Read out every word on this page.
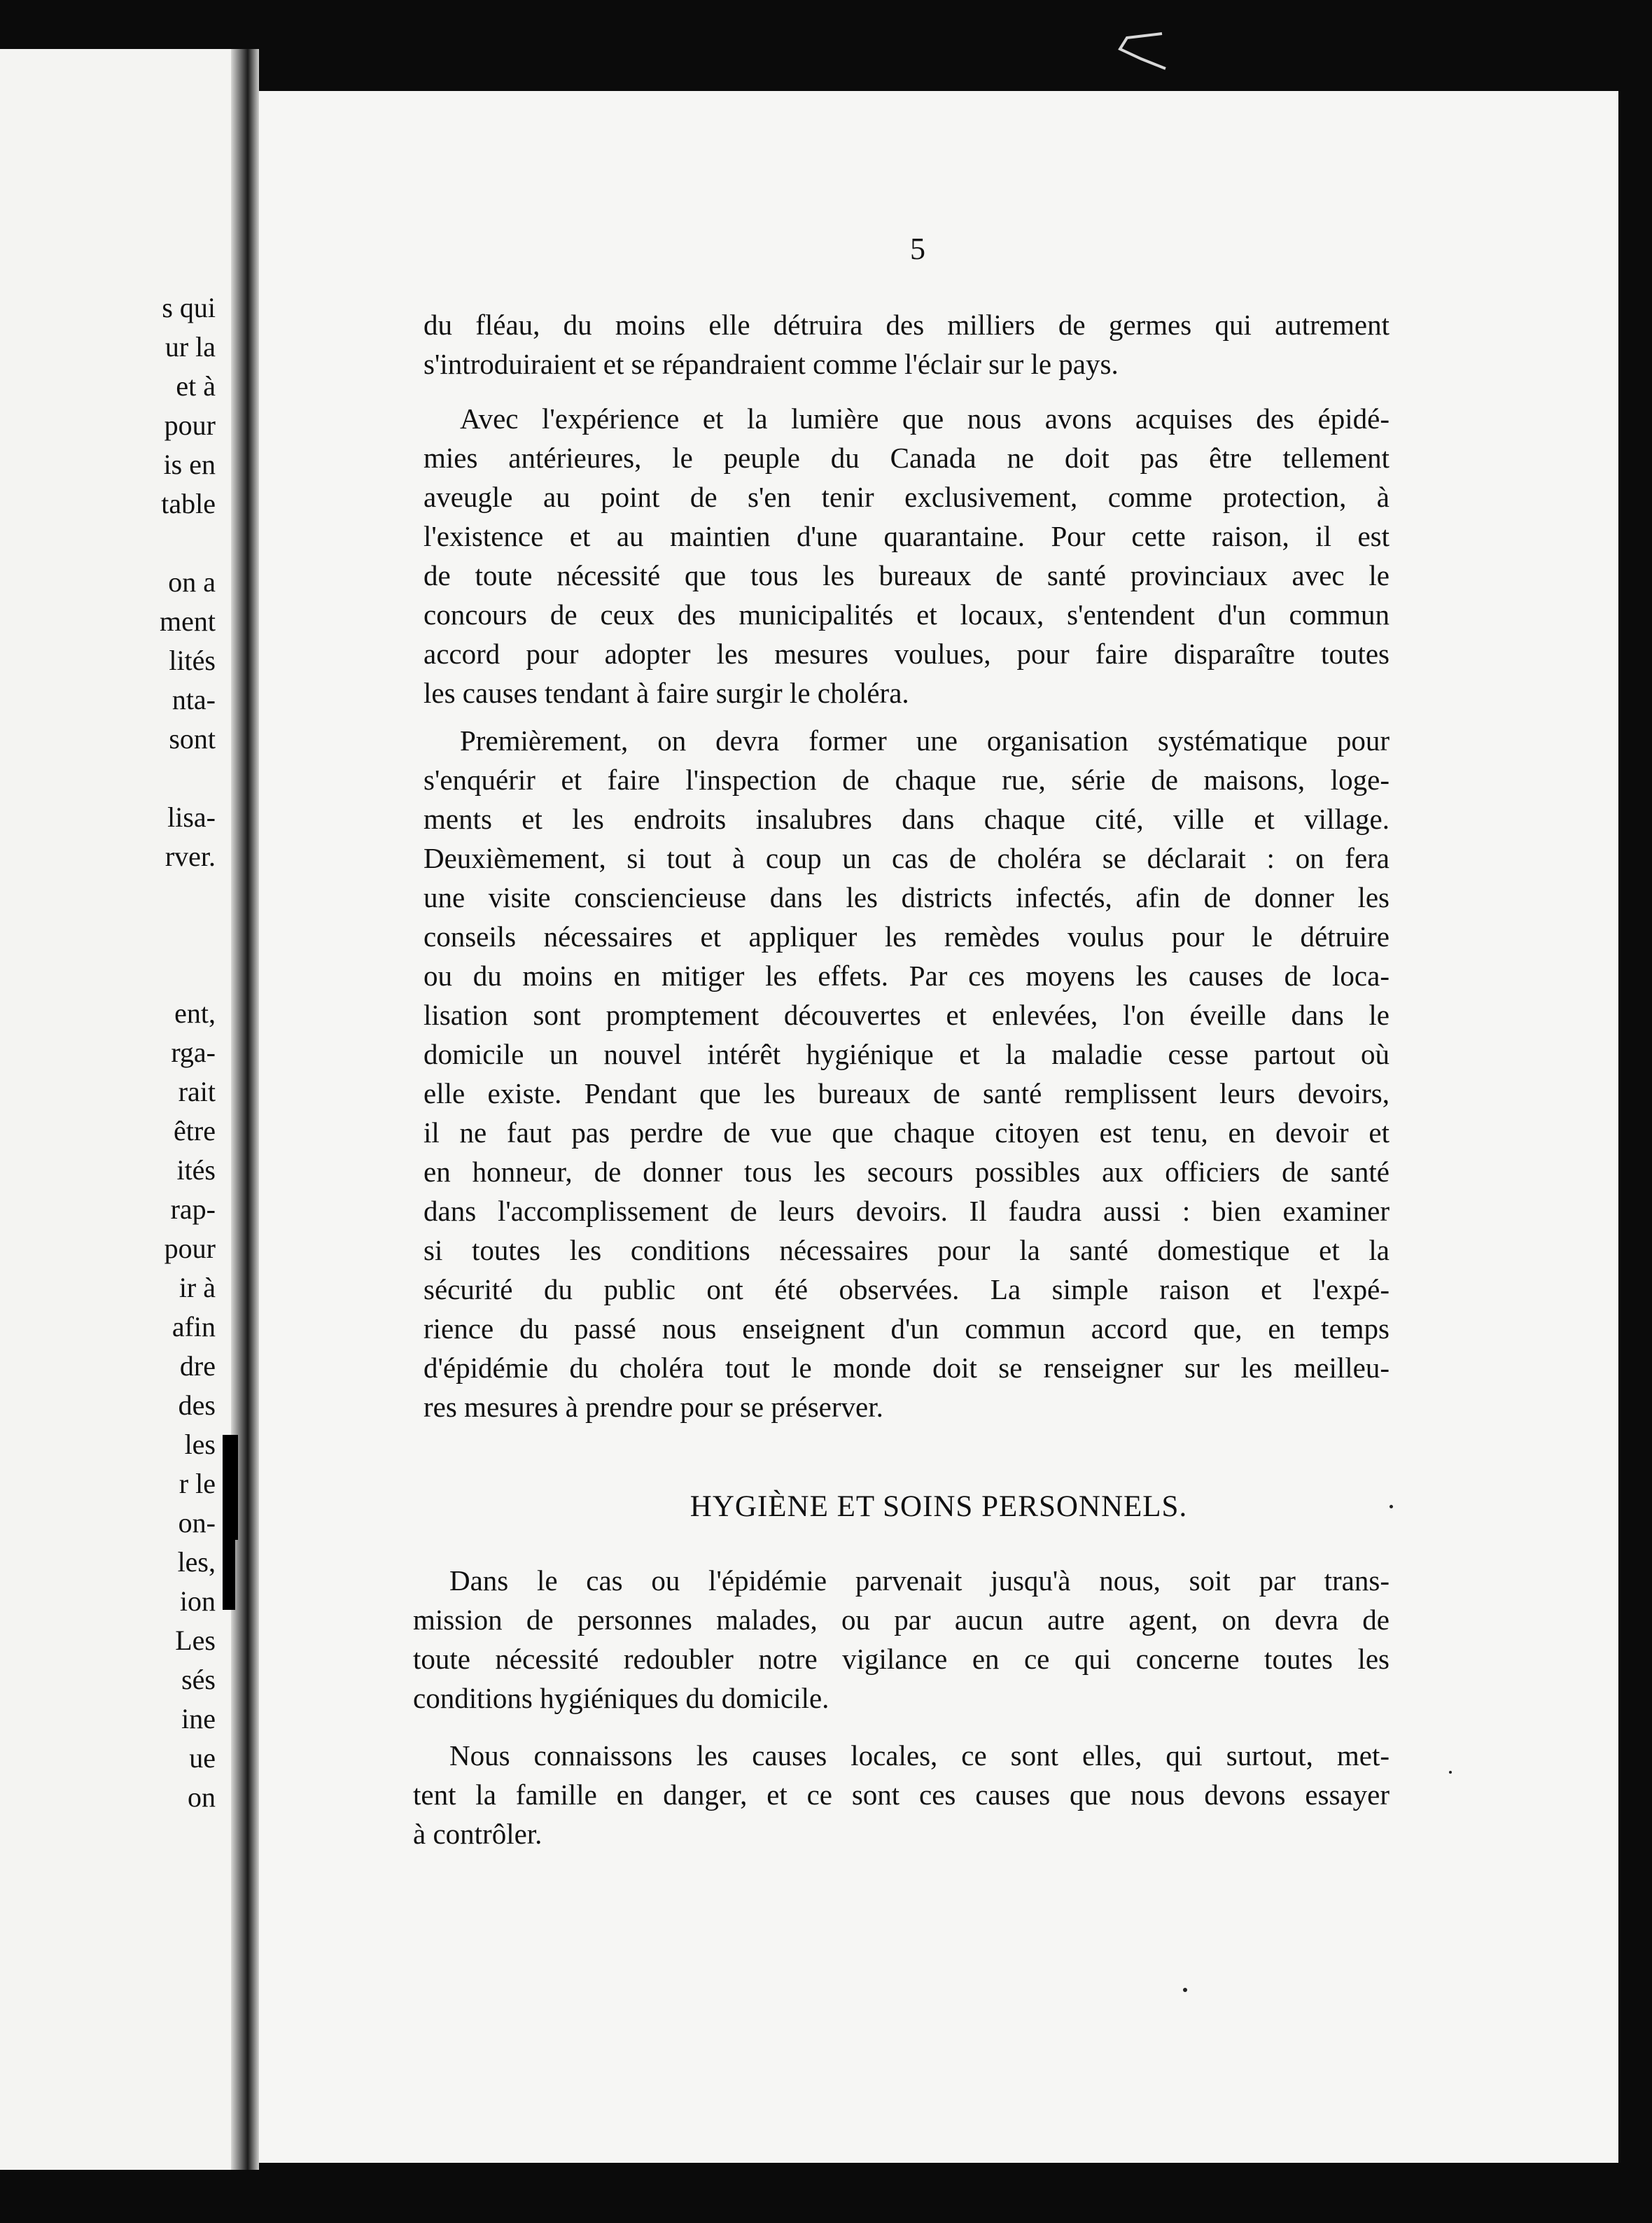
s qui
ur la
et à
pour
is en
table
on a
ment
lités
nta-
sont
lisa-
rver.
ent,
rga-
rait
être
ités
rap-
pour
ir à
afin
dre
des
les
r le
on-
les,
ion
Les
sés
ine
ue
on
5
du fléau, du moins elle détruira des milliers de germes qui autrement
s'introduiraient et se répandraient comme l'éclair sur le pays.
Avec l'expérience et la lumière que nous avons acquises des épidé-
mies antérieures, le peuple du Canada ne doit pas être tellement
aveugle au point de s'en tenir exclusivement, comme protection, à
l'existence et au maintien d'une quarantaine. Pour cette raison, il est
de toute nécessité que tous les bureaux de santé provinciaux avec le
concours de ceux des municipalités et locaux, s'entendent d'un commun
accord pour adopter les mesures voulues, pour faire disparaître toutes
les causes tendant à faire surgir le choléra.
Premièrement, on devra former une organisation systématique pour
s'enquérir et faire l'inspection de chaque rue, série de maisons, loge-
ments et les endroits insalubres dans chaque cité, ville et village.
Deuxièmement, si tout à coup un cas de choléra se déclarait : on fera
une visite consciencieuse dans les districts infectés, afin de donner les
conseils nécessaires et appliquer les remèdes voulus pour le détruire
ou du moins en mitiger les effets. Par ces moyens les causes de loca-
lisation sont promptement découvertes et enlevées, l'on éveille dans le
domicile un nouvel intérêt hygiénique et la maladie cesse partout où
elle existe. Pendant que les bureaux de santé remplissent leurs devoirs,
il ne faut pas perdre de vue que chaque citoyen est tenu, en devoir et
en honneur, de donner tous les secours possibles aux officiers de santé
dans l'accomplissement de leurs devoirs. Il faudra aussi : bien examiner
si toutes les conditions nécessaires pour la santé domestique et la
sécurité du public ont été observées. La simple raison et l'expé-
rience du passé nous enseignent d'un commun accord que, en temps
d'épidémie du choléra tout le monde doit se renseigner sur les meilleu-
res mesures à prendre pour se préserver.
HYGIÈNE ET SOINS PERSONNELS.
Dans le cas ou l'épidémie parvenait jusqu'à nous, soit par trans-
mission de personnes malades, ou par aucun autre agent, on devra de
toute nécessité redoubler notre vigilance en ce qui concerne toutes les
conditions hygiéniques du domicile.
Nous connaissons les causes locales, ce sont elles, qui surtout, met-
tent la famille en danger, et ce sont ces causes que nous devons essayer
à contrôler.
